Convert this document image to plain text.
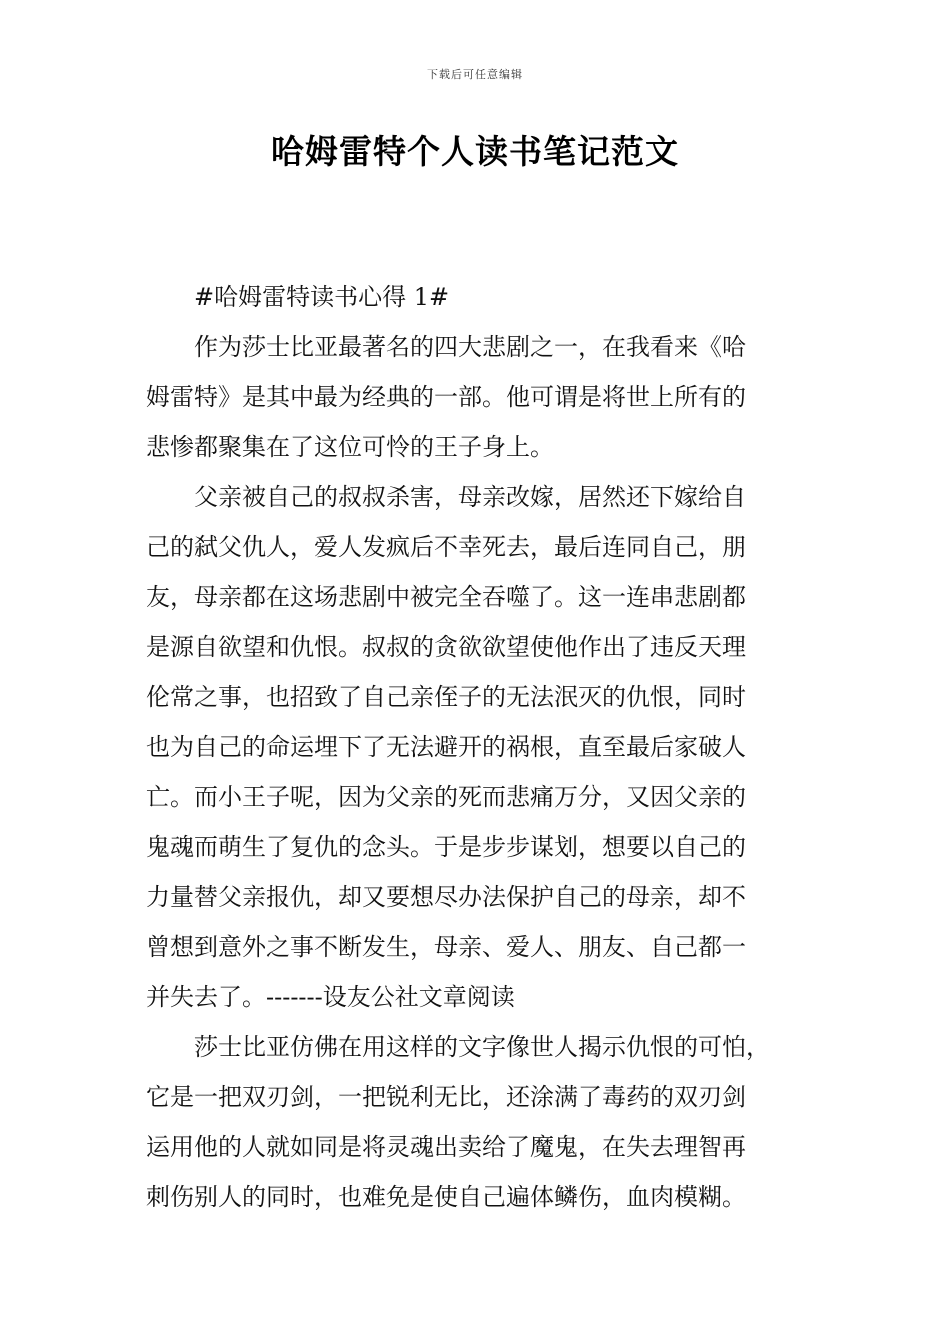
下载后可任意编辑
哈姆雷特个人读书笔记范文

#哈姆雷特读书心得 1#

作为莎士比亚最著名的四大悲剧之一，在我看来《哈
姆雷特》是其中最为经典的一部。他可谓是将世上所有的
悲惨都聚集在了这位可怜的王子身上。

父亲被自己的叔叔杀害，母亲改嫁，居然还下嫁给自
己的弑父仇人，爱人发疯后不幸死去，最后连同自己，朋
友，母亲都在这场悲剧中被完全吞噬了。这一连串悲剧都
是源自欲望和仇恨。叔叔的贪欲欲望使他作出了违反天理
伦常之事，也招致了自己亲侄子的无法泯灭的仇恨，同时
也为自己的命运埋下了无法避开的祸根，直至最后家破人
亡。而小王子呢，因为父亲的死而悲痛万分，又因父亲的
鬼魂而萌生了复仇的念头。于是步步谋划，想要以自己的
力量替父亲报仇，却又要想尽办法保护自己的母亲，却不
曾想到意外之事不断发生，母亲、爱人、朋友、自己都一
并失去了。-------设友公社文章阅读

莎士比亚仿佛在用这样的文字像世人揭示仇恨的可怕，
它是一把双刃剑，一把锐利无比，还涂满了毒药的双刃剑
运用他的人就如同是将灵魂出卖给了魔鬼，在失去理智再
刺伤别人的同时，也难免是使自己遍体鳞伤，血肉模糊。
